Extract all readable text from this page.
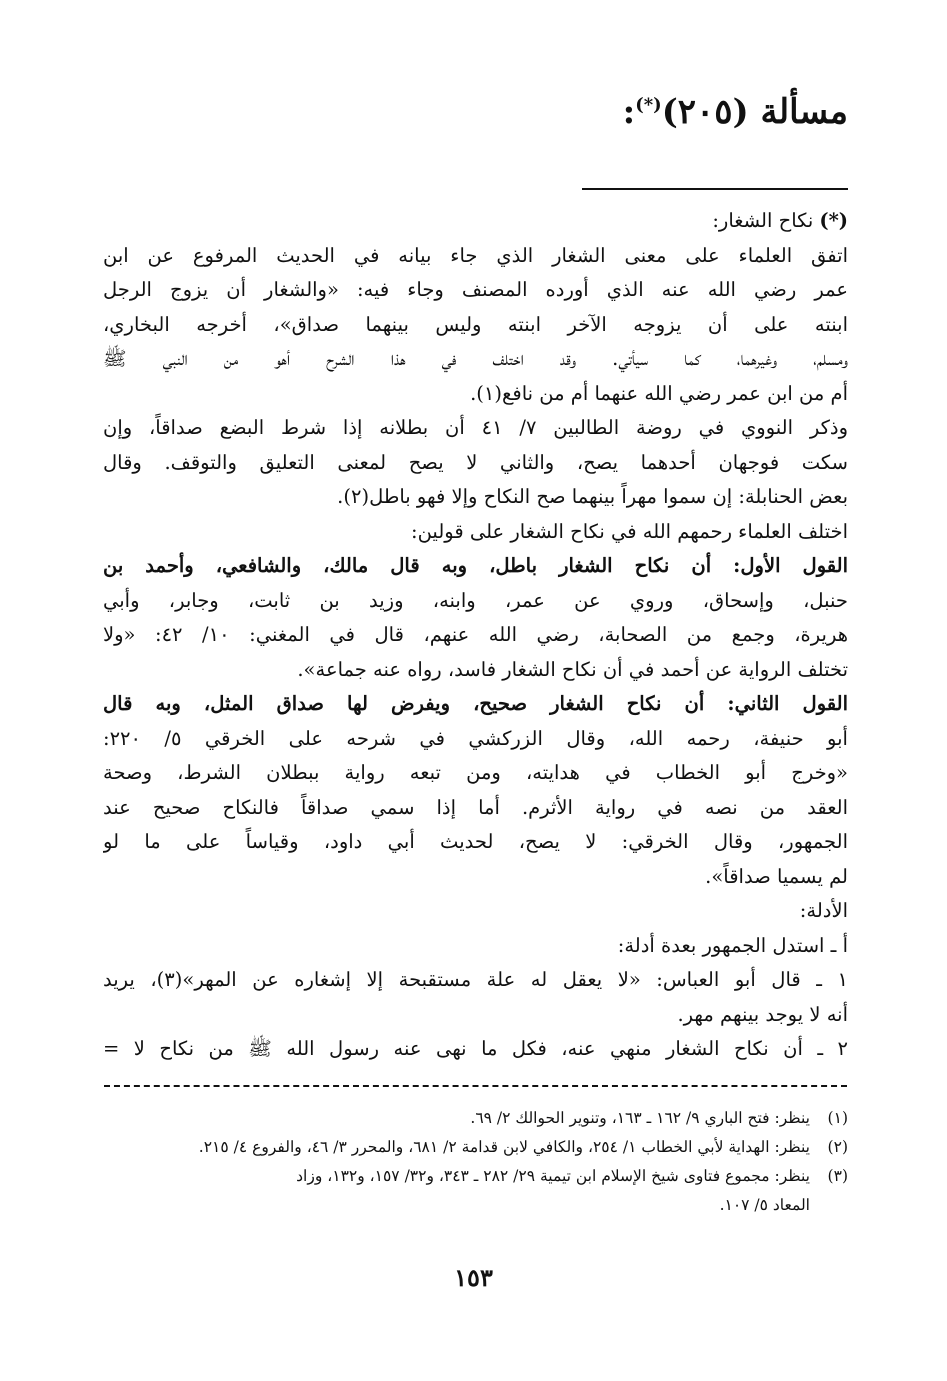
مسألة (٢٠٥)(*):
(*)نكاح الشغار:
اتفق العلماء على معنى الشغار الذي جاء بيانه في الحديث المرفوع عن ابن
عمر رضي الله عنه الذي أورده المصنف وجاء فيه: «والشغار أن يزوج الرجل
ابنته على أن يزوجه الآخر ابنته وليس بينهما صداق»، أخرجه البخاري،
ومسلم، وغيرهما، كما سيأتي. وقد اختلف في هذا الشرح أهو من النبي ﷺ
أم من ابن عمر رضي الله عنهما أم من نافع(١).
وذكر النووي في روضة الطالبين ٧/ ٤١ أن بطلانه إذا شرط البضع صداقاً، وإن
سكت فوجهان أحدهما يصح، والثاني لا يصح لمعنى التعليق والتوقف. وقال
بعض الحنابلة: إن سموا مهراً بينهما صح النكاح وإلا فهو باطل(٢).
اختلف العلماء رحمهم الله في نكاح الشغار على قولين:
القول الأول: أن نكاح الشغار باطل، وبه قال مالك، والشافعي، وأحمد بن
حنبل، وإسحاق، وروي عن عمر، وابنه، وزيد بن ثابت، وجابر، وأبي
هريرة، وجمع من الصحابة، رضي الله عنهم، قال في المغني: ١٠/ ٤٢: «ولا
تختلف الرواية عن أحمد في أن نكاح الشغار فاسد، رواه عنه جماعة».
القول الثاني: أن نكاح الشغار صحيح، ويفرض لها صداق المثل، وبه قال
أبو حنيفة، رحمه الله، وقال الزركشي في شرحه على الخرقي ٥/ ٢٢٠:
«وخرج أبو الخطاب في هدايته، ومن تبعه رواية ببطلان الشرط، وصحة
العقد من نصه في رواية الأثرم. أما إذا سمي صداقاً فالنكاح صحيح عند
الجمهور، وقال الخرقي: لا يصح، لحديث أبي داود، وقياساً على ما لو
لم يسميا صداقاً».
الأدلة:
أ ـ استدل الجمهور بعدة أدلة:
١ ـ قال أبو العباس: «لا يعقل له علة مستقبحة إلا إشغاره عن المهر»(٣)، يريد
أنه لا يوجد بينهم مهر.
٢ ـ أن نكاح الشغار منهي عنه، فكل ما نهى عنه رسول الله ﷺ من نكاح لا =
(١)
ينظر: فتح الباري ٩/ ١٦٢ ـ ١٦٣، وتنوير الحوالك ٢/ ٦٩.
(٢)
ينظر: الهداية لأبي الخطاب ١/ ٢٥٤، والكافي لابن قدامة ٢/ ٦٨١، والمحرر ٣/ ٤٦، والفروع ٤/ ٢١٥.
(٣)
ينظر: مجموع فتاوى شيخ الإسلام ابن تيمية ٢٩/ ٢٨٢ ـ ٣٤٣، و٣٢/ ١٥٧، و١٣٢، وزاد
المعاد ٥/ ١٠٧.
١٥٣
